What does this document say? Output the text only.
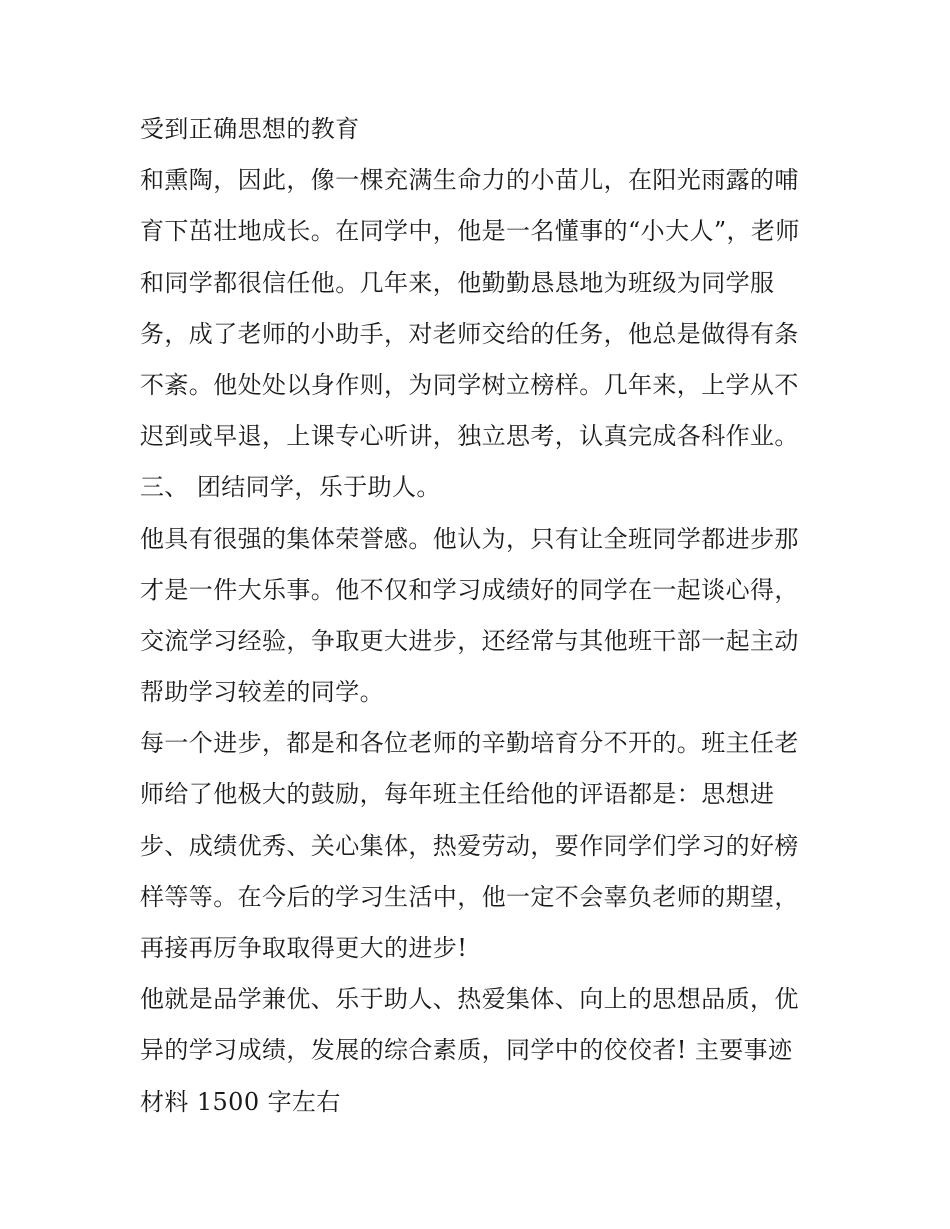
受到正确思想的教育
和熏陶，因此，像一棵充满生命力的小苗儿，在阳光雨露的哺
育下茁壮地成长。在同学中，他是一名懂事的“小大人”，老师
和同学都很信任他。几年来，他勤勤恳恳地为班级为同学服
务，成了老师的小助手，对老师交给的任务，他总是做得有条
不紊。他处处以身作则，为同学树立榜样。几年来，上学从不
迟到或早退，上课专心听讲，独立思考，认真完成各科作业。
三、 团结同学，乐于助人。
他具有很强的集体荣誉感。他认为，只有让全班同学都进步那
才是一件大乐事。他不仅和学习成绩好的同学在一起谈心得，
交流学习经验，争取更大进步，还经常与其他班干部一起主动
帮助学习较差的同学。
每一个进步，都是和各位老师的辛勤培育分不开的。班主任老
师给了他极大的鼓励，每年班主任给他的评语都是：思想进
步、成绩优秀、关心集体，热爱劳动，要作同学们学习的好榜
样等等。在今后的学习生活中，他一定不会辜负老师的期望，
再接再厉争取取得更大的进步!
他就是品学兼优、乐于助人、热爱集体、向上的思想品质，优
异的学习成绩，发展的综合素质，同学中的佼佼者! 主要事迹
材料 1500 字左右
